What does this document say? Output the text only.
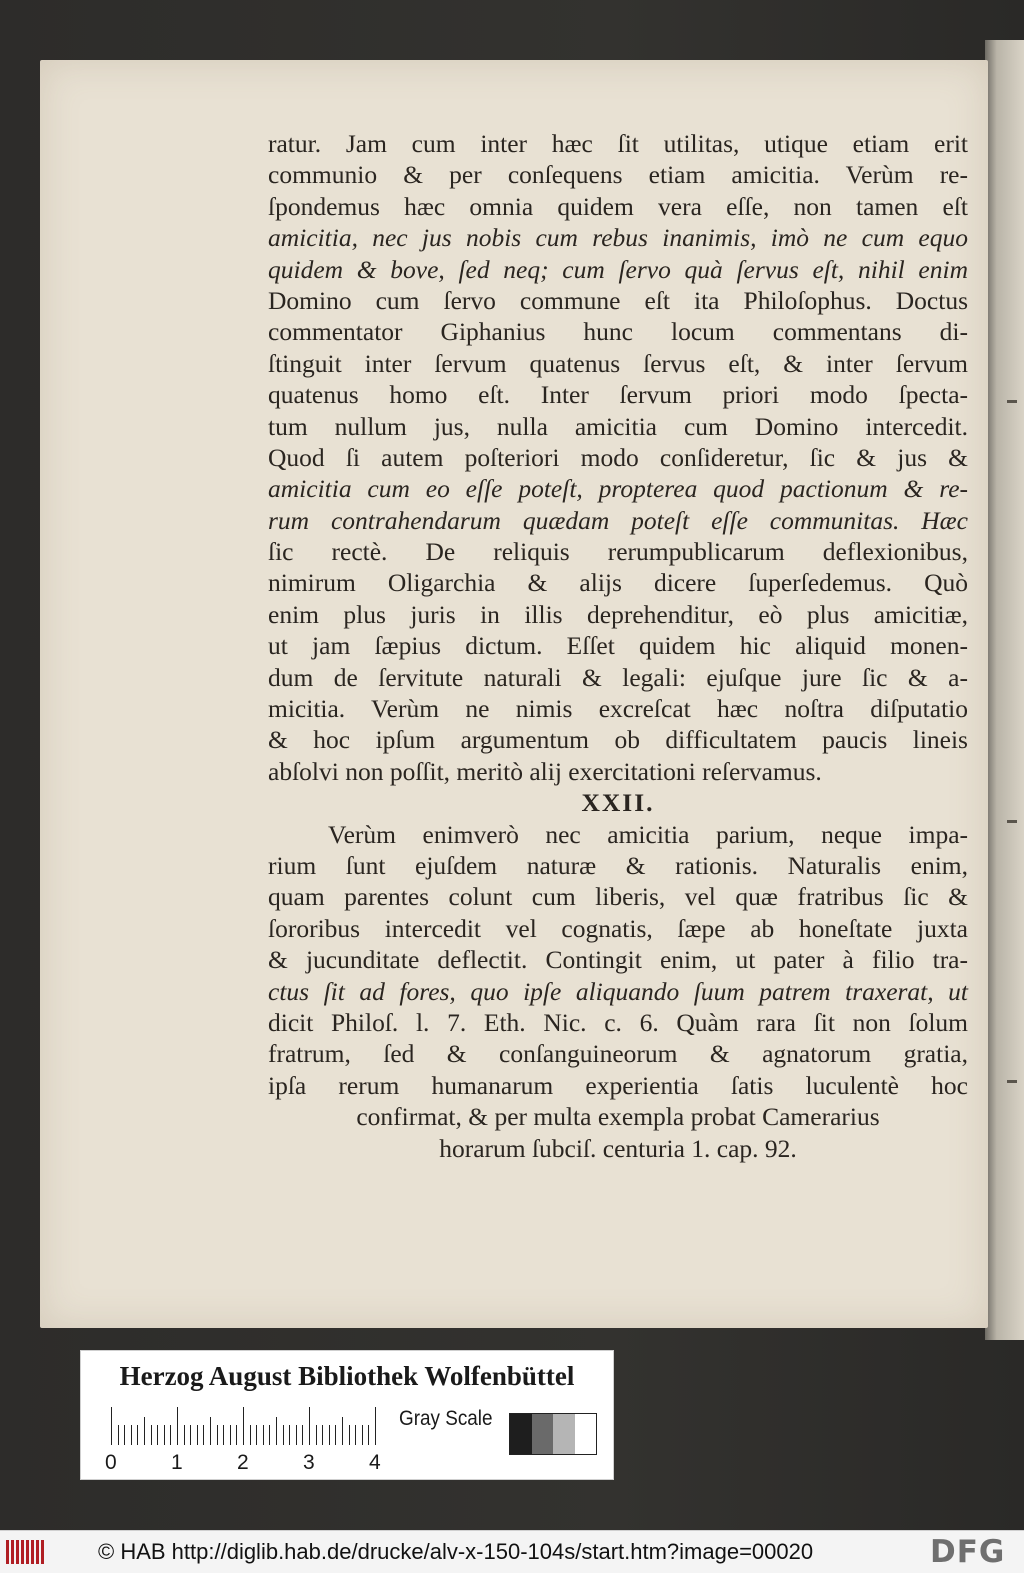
ratur. Jam cum inter hæc ſit utilitas, utique etiam erit
communio & per conſequens etiam amicitia. Verùm re-
ſpondemus hæc omnia quidem vera eſſe, non tamen eſt
amicitia, nec jus nobis cum rebus inanimis, imò ne cum equo
quidem & bove, ſed neq; cum ſervo quà ſervus eſt, nihil enim
Domino cum ſervo commune eſt ita Philoſophus. Doctus
commentator Giphanius hunc locum commentans di-
ſtinguit inter ſervum quatenus ſervus eſt, & inter ſervum
quatenus homo eſt. Inter ſervum priori modo ſpecta-
tum nullum jus, nulla amicitia cum Domino intercedit.
Quod ſi autem poſteriori modo conſideretur, ſic & jus &
amicitia cum eo eſſe poteſt, propterea quod pactionum & re-
rum contrahendarum quædam poteſt eſſe communitas. Hæc
ſic rectè. De reliquis rerumpublicarum deflexionibus,
nimirum Oligarchia & alijs dicere ſuperſedemus. Quò
enim plus juris in illis deprehenditur, eò plus amicitiæ,
ut jam ſæpius dictum. Eſſet quidem hic aliquid monen-
dum de ſervitute naturali & legali: ejuſque jure ſic & a-
micitia. Verùm ne nimis excreſcat hæc noſtra diſputatio
& hoc ipſum argumentum ob difficultatem paucis lineis
abſolvi non poſſit, meritò alij exercitationi reſervamus.
XXII.
Verùm enimverò nec amicitia parium, neque impa-
rium ſunt ejuſdem naturæ & rationis. Naturalis enim,
quam parentes colunt cum liberis, vel quæ fratribus ſic &
ſororibus intercedit vel cognatis, ſæpe ab honeſtate juxta
& jucunditate deflectit. Contingit enim, ut pater à filio tra-
ctus ſit ad fores, quo ipſe aliquando ſuum patrem traxerat, ut
dicit Philoſ. l. 7. Eth. Nic. c. 6. Quàm rara ſit non ſolum
fratrum, ſed & conſanguineorum & agnatorum gratia,
ipſa rerum humanarum experientia ſatis luculentè hoc
confirmat, & per multa exempla probat Camerarius
horarum ſubciſ. centuria 1. cap. 92.
Herzog August Bibliothek Wolfenbüttel
0	1	2	3	4
Gray Scale
© HAB http://diglib.hab.de/drucke/alv-x-150-104s/start.htm?image=00020	DFG
